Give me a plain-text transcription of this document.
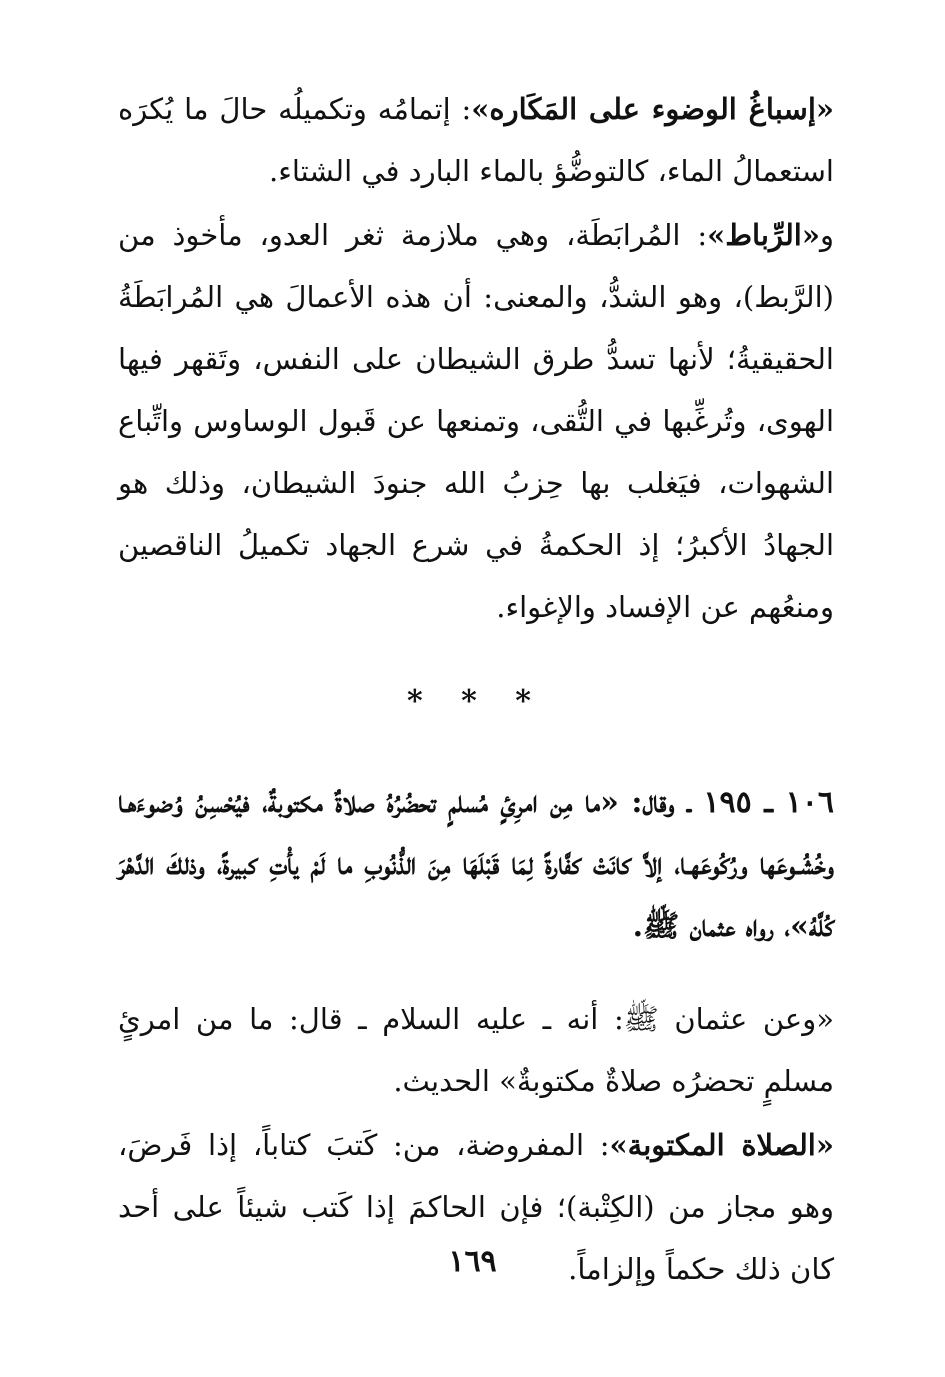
«إسباغُ الوضوء على المَكَاره»: إتمامُه وتكميلُه حالَ ما يُكرَه استعمالُ الماء، كالتوضُّؤ بالماء البارد في الشتاء.

و«الرِّباط»: المُرابَطَة، وهي ملازمة ثغر العدو، مأخوذ من (الرَّبط)، وهو الشدُّ، والمعنى: أن هذه الأعمالَ هي المُرابَطَةُ الحقيقيةُ؛ لأنها تسدُّ طرق الشيطان على النفس، وتَقهر فيها الهوى، وتُرغِّبها في التُّقى، وتمنعها عن قَبول الوساوس واتِّباع الشهوات، فيَغلب بها حِزبُ الله جنودَ الشيطان، وذلك هو الجهادُ الأكبرُ؛ إذ الحكمةُ في شرع الجهاد تكميلُ الناقصين ومنعُهم عن الإفساد والإغواء.

* * *

١٠٦ ـ ١٩٥ ـ وقال: «ما مِن امرِئٍ مُسلمٍ تحضُرُهُ صلاةٌ مكتوبةٌ، فيُحْسِنُ وُضوءَهـا وخُشُـوعَها ورُكُوعَهـا، إلاَّ كانَتْ كفَّارةً لِمَا قَبْلَهَا مِنَ الذُّنُوبِ ما لَمْ يأْتِ كبيرةً، وذلكَ الدَّهْرَ كُلَّهُ»، رواه عثمان ﷺ.

«وعن عثمان ﷺ: أنه ـ عليه السلام ـ قال: ما من امرئٍ مسلمٍ تحضرُه صلاةٌ مكتوبةٌ» الحديث.

«الصلاة المكتوبة»: المفروضة، من: كَتبَ كتاباً، إذا فَرضَ، وهو مجاز من (الكِتْبة)؛ فإن الحاكمَ إذا كَتب شيئاً على أحد كان ذلك حكماً وإلزاماً.

١٦٩
